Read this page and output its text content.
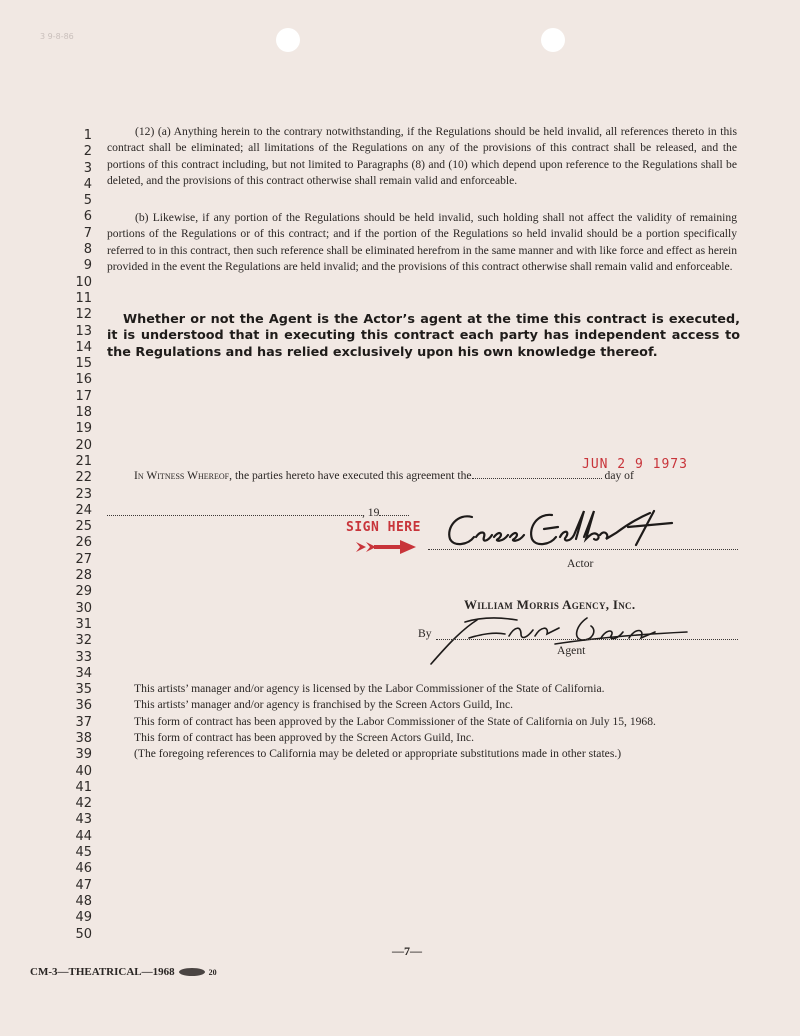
3 9-8-86
1
2
3
4
5
6
7
8
9
10
11
12
13
14
15
16
17
18
19
20
21
22
23
24
25
26
27
28
29
30
31
32
33
34
35
36
37
38
39
40
41
42
43
44
45
46
47
48
49
50

(12) (a) Anything herein to the contrary notwithstanding, if the Regulations should be held invalid, all references thereto in this contract shall be eliminated; all limitations of the Regulations on any of the provisions of this contract shall be released, and the portions of this contract including, but not limited to Paragraphs (8) and (10) which depend upon reference to the Regulations shall be deleted, and the provisions of this contract otherwise shall remain valid and enforceable.

(b) Likewise, if any portion of the Regulations should be held invalid, such holding shall not affect the validity of remaining portions of the Regulations or of this contract; and if the portion of the Regulations so held invalid should be a portion specifically referred to in this contract, then such reference shall be eliminated herefrom in the same manner and with like force and effect as herein provided in the event the Regulations are held invalid; and the provisions of this contract otherwise shall remain valid and enforceable.

Whether or not the Agent is the Actor’s agent at the time this contract is executed, it is understood that in executing this contract each party has independent access to the Regulations and has relied exclusively upon his own knowledge thereof.

JUN 2 9 1973
In Witness Whereof, the parties hereto have executed this agreement the	day of
, 19
SIGN HERE
Actor
William Morris Agency, Inc.
By
Agent
This artists’ manager and/or agency is licensed by the Labor Commissioner of the State of California.
This artists’ manager and/or agency is franchised by the Screen Actors Guild, Inc.
This form of contract has been approved by the Labor Commissioner of the State of California on July 15, 1968.
This form of contract has been approved by the Screen Actors Guild, Inc.
(The foregoing references to California may be deleted or appropriate substitutions made in other states.)
—7—
CM-3—THEATRICAL—1968	20
